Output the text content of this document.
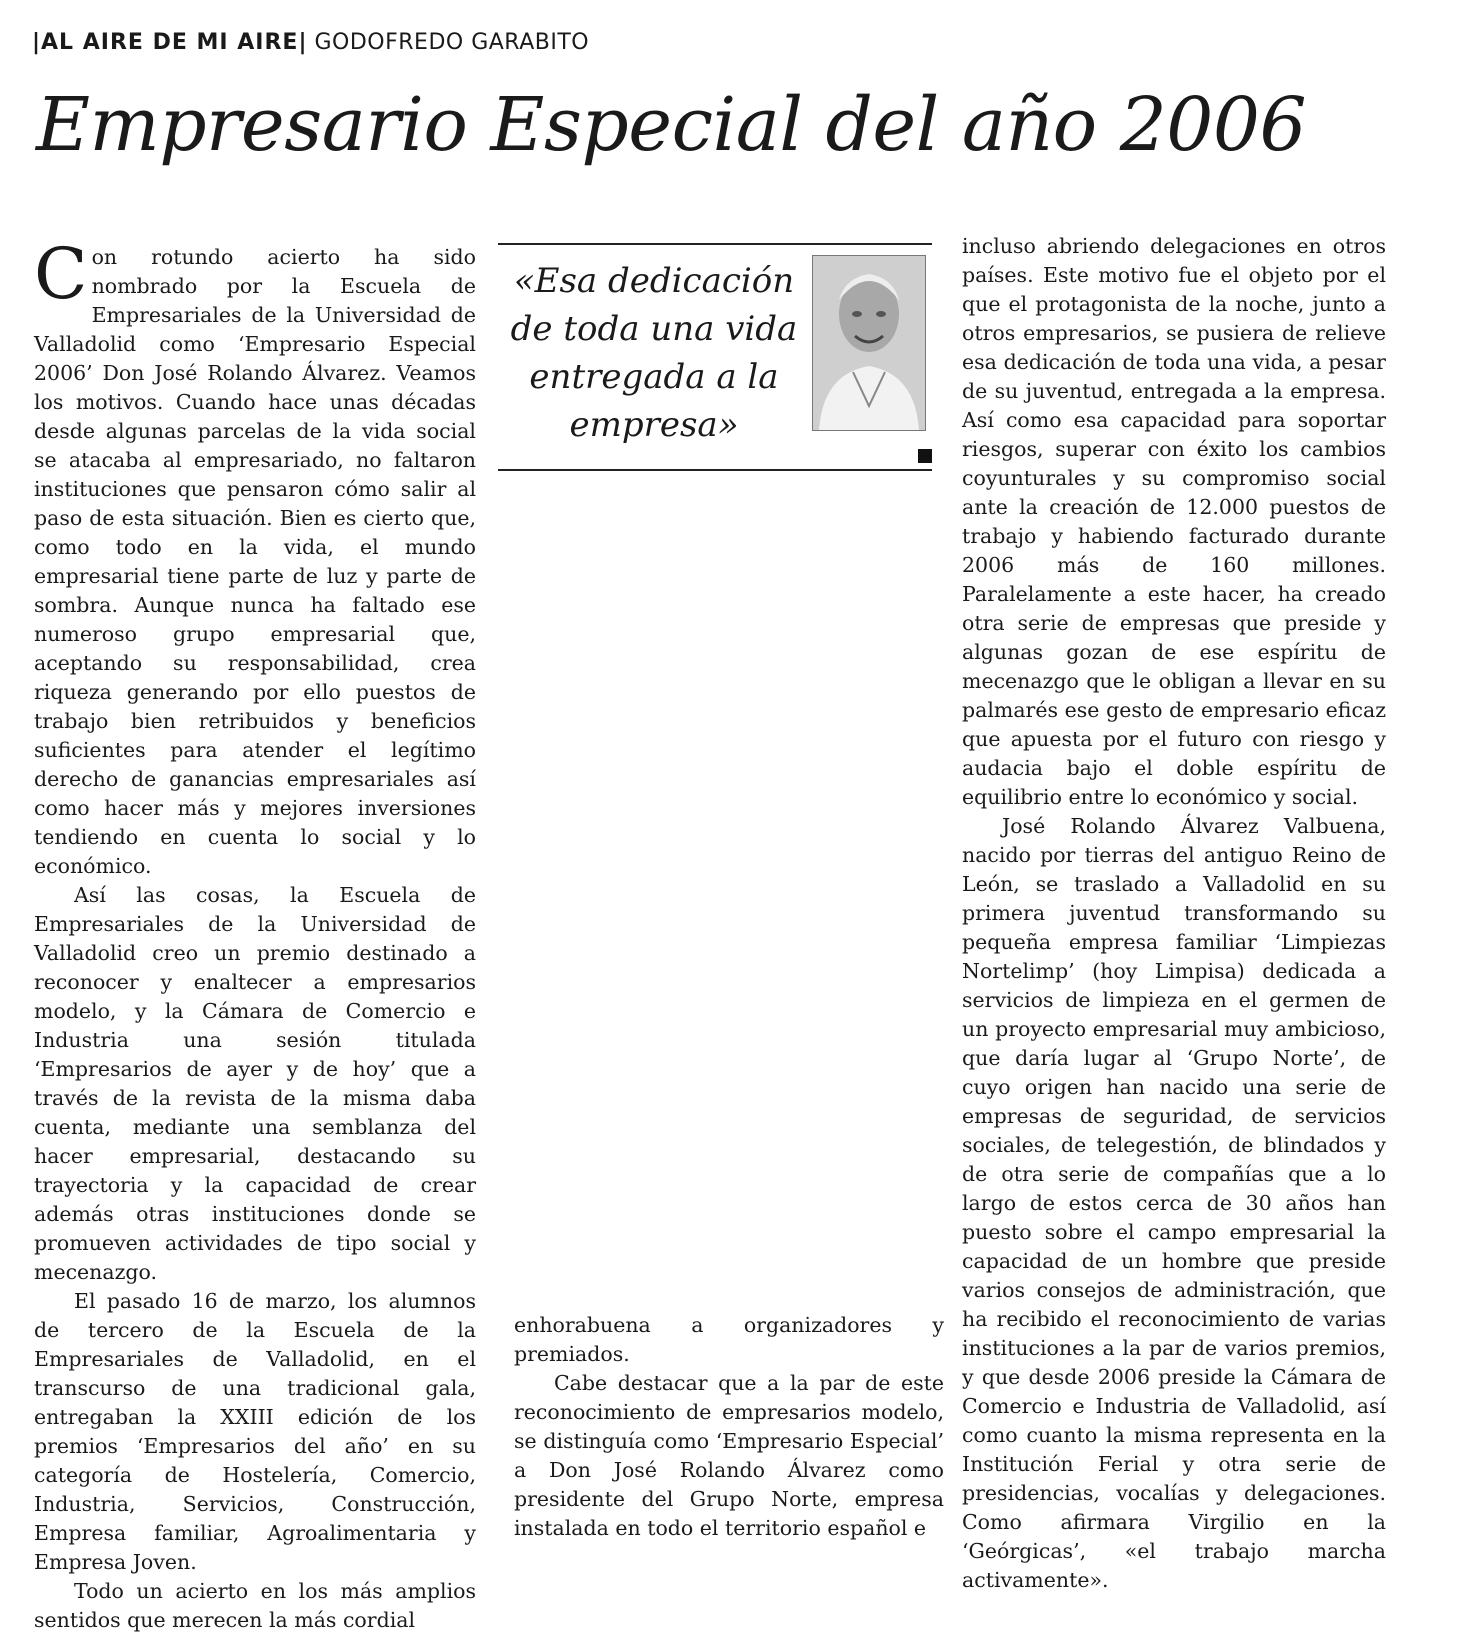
|AL AIRE DE MI AIRE| GODOFREDO GARABITO
Empresario Especial del año 2006

Con rotundo acierto ha sido nombrado por la Escuela de Empresariales de la Universidad de Valladolid como ‘Empresario Especial 2006’ Don José Rolando Álvarez. Veamos los motivos. Cuando hace unas décadas desde algunas parcelas de la vida social se atacaba al empresariado, no faltaron instituciones que pensaron cómo salir al paso de esta situación. Bien es cierto que, como todo en la vida, el mundo empresarial tiene parte de luz y parte de sombra. Aunque nunca ha faltado ese numeroso grupo empresarial que, aceptando su responsabilidad, crea riqueza generando por ello puestos de trabajo bien retribuidos y beneficios suficientes para atender el legítimo derecho de ganancias empresariales así como hacer más y mejores inversiones tendiendo en cuenta lo social y lo económico.

Así las cosas, la Escuela de Empresariales de la Universidad de Valladolid creo un premio destinado a reconocer y enaltecer a empresarios modelo, y la Cámara de Comercio e Industria una sesión titulada ‘Empresarios de ayer y de hoy’ que a través de la revista de la misma daba cuenta, mediante una semblanza del hacer empresarial, destacando su trayectoria y la capacidad de crear además otras instituciones donde se promueven actividades de tipo social y mecenazgo.

El pasado 16 de marzo, los alumnos de tercero de la Escuela de la Empresariales de Valladolid, en el transcurso de una tradicional gala, entregaban la XXIII edición de los premios ‘Empresarios del año’ en su categoría de Hostelería, Comercio, Industria, Servicios, Construcción, Empresa familiar, Agroalimentaria y Empresa Joven.

Todo un acierto en los más amplios sentidos que merecen la más cordial

«Esa dedicación de toda una vida entregada a la empresa»

enhorabuena a organizadores y premiados.

Cabe destacar que a la par de este reconocimiento de empresarios modelo, se distinguía como ‘Empresario Especial’ a Don José Rolando Álvarez como presidente del Grupo Norte, empresa instalada en todo el territorio español e

incluso abriendo delegaciones en otros países. Este motivo fue el objeto por el que el protagonista de la noche, junto a otros empresarios, se pusiera de relieve esa dedicación de toda una vida, a pesar de su juventud, entregada a la empresa. Así como esa capacidad para soportar riesgos, superar con éxito los cambios coyunturales y su compromiso social ante la creación de 12.000 puestos de trabajo y habiendo facturado durante 2006 más de 160 millones. Paralelamente a este hacer, ha creado otra serie de empresas que preside y algunas gozan de ese espíritu de mecenazgo que le obligan a llevar en su palmarés ese gesto de empresario eficaz que apuesta por el futuro con riesgo y audacia bajo el doble espíritu de equilibrio entre lo económico y social.

José Rolando Álvarez Valbuena, nacido por tierras del antiguo Reino de León, se traslado a Valladolid en su primera juventud transformando su pequeña empresa familiar ‘Limpiezas Nortelimp’ (hoy Limpisa) dedicada a servicios de limpieza en el germen de un proyecto empresarial muy ambicioso, que daría lugar al ‘Grupo Norte’, de cuyo origen han nacido una serie de empresas de seguridad, de servicios sociales, de telegestión, de blindados y de otra serie de compañías que a lo largo de estos cerca de 30 años han puesto sobre el campo empresarial la capacidad de un hombre que preside varios consejos de administración, que ha recibido el reconocimiento de varias instituciones a la par de varios premios, y que desde 2006 preside la Cámara de Comercio e Industria de Valladolid, así como cuanto la misma representa en la Institución Ferial y otra serie de presidencias, vocalías y delegaciones. Como afirmara Virgilio en la ‘Geórgicas’, «el trabajo marcha activamente».
